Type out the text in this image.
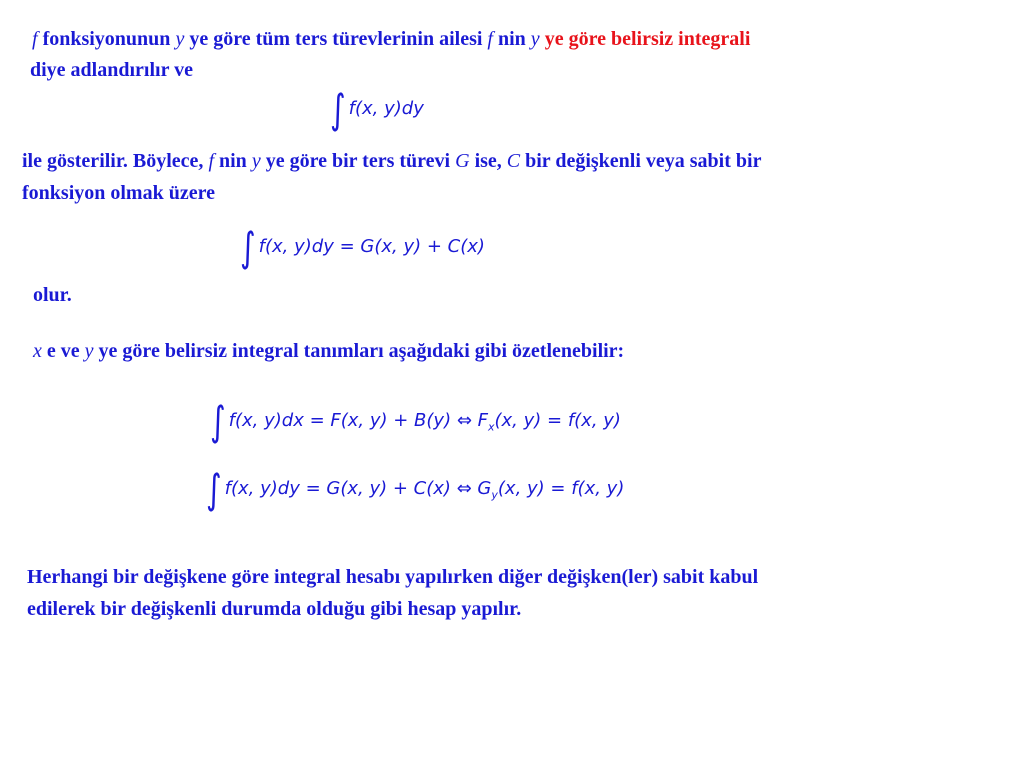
f fonksiyonunun y ye göre tüm ters türevlerinin ailesi f nin y ye göre belirsiz integrali
diye adlandırılır ve
∫ f(x, y)dy
ile gösterilir. Böylece, f nin y ye göre bir ters türevi G ise, C bir değişkenli veya sabit bir
fonksiyon olmak üzere
∫ f(x, y)dy = G(x, y) + C(x)
olur.
x e ve y ye göre belirsiz integral tanımları aşağıdaki gibi özetlenebilir:
∫ f(x, y)dx = F(x, y) + B(y) ⇔ $F_x(x$, y) = f(x, y)
∫ f(x, y)dy = G(x, y) + C(x) ⇔ $G_y(x$, y) = f(x, y)
Herhangi bir değişkene göre integral hesabı yapılırken diğer değişken(ler) sabit kabul
edilerek bir değişkenli durumda olduğu gibi hesap yapılır.
